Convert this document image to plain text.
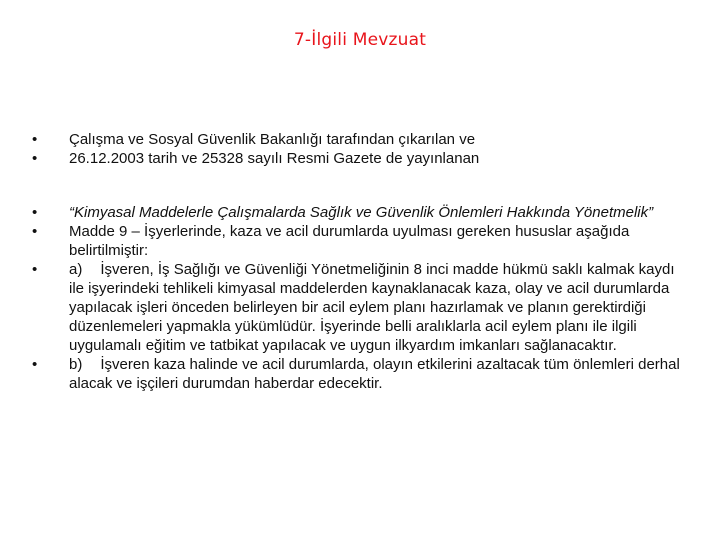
7-İlgili Mevzuat
•	Çalışma ve Sosyal Güvenlik Bakanlığı tarafından çıkarılan ve
•	26.12.2003 tarih ve 25328 sayılı Resmi Gazete de yayınlanan
•	“Kimyasal Maddelerle Çalışmalarda Sağlık ve Güvenlik Önlemleri Hakkında Yönetmelik”
•	Madde 9 – İşyerlerinde, kaza ve acil durumlarda uyulması gereken hususlar aşağıda belirtilmiştir:
•	a) İşveren, İş Sağlığı ve Güvenliği Yönetmeliğinin 8 inci madde hükmü saklı kalmak kaydı ile işyerindeki tehlikeli kimyasal maddelerden kaynaklanacak kaza, olay ve acil durumlarda yapılacak işleri önceden belirleyen bir acil eylem planı hazırlamak ve planın gerektirdiği düzenlemeleri yapmakla yükümlüdür. İşyerinde belli aralıklarla acil eylem planı ile ilgili uygulamalı eğitim ve tatbikat yapılacak ve uygun ilkyardım imkanları sağlanacaktır.
•	b) İşveren kaza halinde ve acil durumlarda, olayın etkilerini azaltacak tüm önlemleri derhal alacak ve işçileri durumdan haberdar edecektir.
